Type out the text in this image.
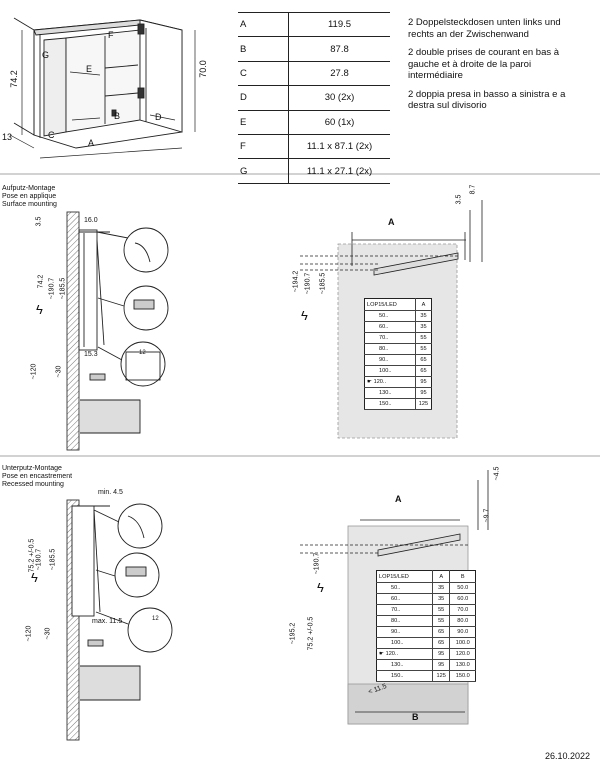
74.2
70.0
13
A
B
C
D
E
F
G
A	119.5
B	87.8
C	27.8
D	30 (2x)
E	60 (1x)
F	11.1 x 87.1 (2x)
G	11.1 x 27.1 (2x)

2 Doppelsteckdosen unten links und rechts an der Zwischenwand

2 double prises de courant en bas à gauche et à droite de la paroi intermédiaire

2 doppia presa in basso a sinistra e a destra sul divisorio

Aufputz-Montage
Pose en applique
Surface mounting
3.5	16.0
74.2 ~190.7 ~185.5
ϟ
15.3	12
~120	~30
A
3.5
8.7
~194.2 ~190.7 ~185.5
ϟ
LOP15/LED	A
50..	35
60..	35
70..	55
80..	55
90..	65
100..	65
☛ 120..	95
130..	95
150..	125
Unterputz-Montage
Pose en encastrement
Recessed mounting
min. 4.5
75.2 +/-0.5 ~190.7 ~185.5
ϟ
max. 11.5	12
~120 ~30
A
B
~4.5
~9.7
~190.7
~195.2 75.2 +/-0.5
ϟ
< 11.5
LOP15/LED	A	B
50..	35	50.0
60..	35	60.0
70..	55	70.0
80..	55	80.0
90..	65	90.0
100..	65	100.0
☛ 120..	95	120.0
130..	95	130.0
150..	125	150.0
26.10.2022
